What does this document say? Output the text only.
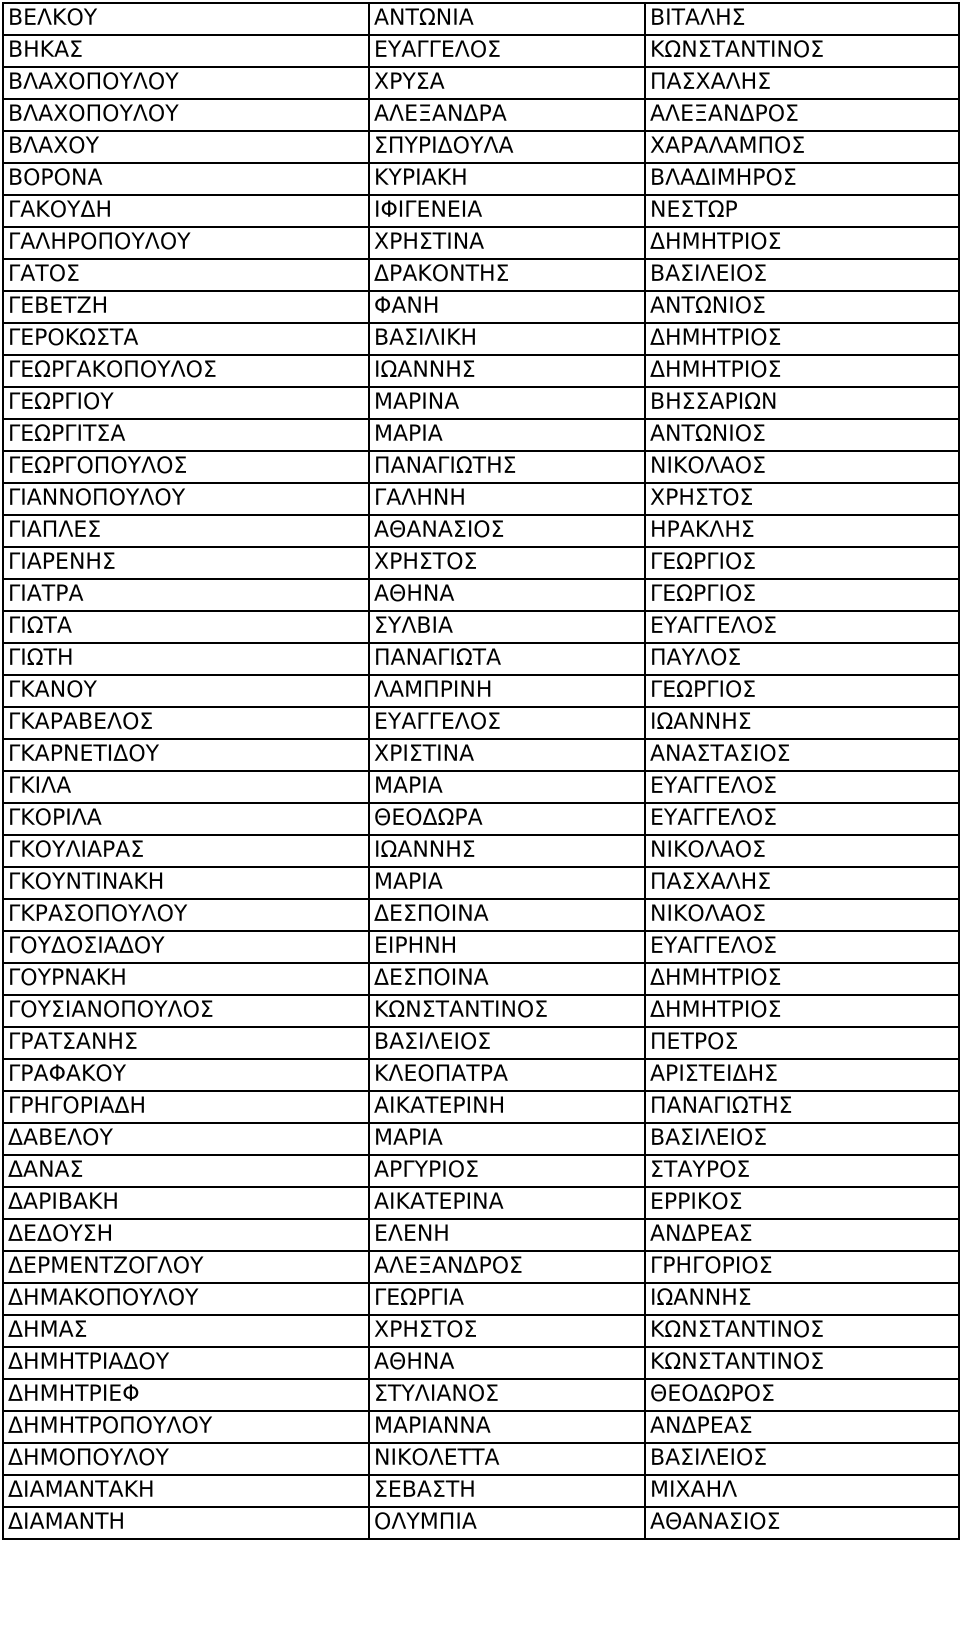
ΒΕΛΚΟΥ	ΑΝΤΩΝΙΑ	ΒΙΤΑΛΗΣ
ΒΗΚΑΣ	ΕΥΑΓΓΕΛΟΣ	ΚΩΝΣΤΑΝΤΙΝΟΣ
ΒΛΑΧΟΠΟΥΛΟΥ	ΧΡΥΣΑ	ΠΑΣΧΑΛΗΣ
ΒΛΑΧΟΠΟΥΛΟΥ	ΑΛΕΞΑΝΔΡΑ	ΑΛΕΞΑΝΔΡΟΣ
ΒΛΑΧΟΥ	ΣΠΥΡΙΔΟΥΛΑ	ΧΑΡΑΛΑΜΠΟΣ
ΒΟΡΟΝΑ	ΚΥΡΙΑΚΗ	ΒΛΑΔΙΜΗΡΟΣ
ΓΑΚΟΥΔΗ	ΙΦΙΓΕΝΕΙΑ	ΝΕΣΤΩΡ
ΓΑΛΗΡΟΠΟΥΛΟΥ	ΧΡΗΣΤΙΝΑ	ΔΗΜΗΤΡΙΟΣ
ΓΑΤΟΣ	ΔΡΑΚΟΝΤΗΣ	ΒΑΣΙΛΕΙΟΣ
ΓΕΒΕΤΖΗ	ΦΑΝΗ	ΑΝΤΩΝΙΟΣ
ΓΕΡΟΚΩΣΤΑ	ΒΑΣΙΛΙΚΗ	ΔΗΜΗΤΡΙΟΣ
ΓΕΩΡΓΑΚΟΠΟΥΛΟΣ	ΙΩΑΝΝΗΣ	ΔΗΜΗΤΡΙΟΣ
ΓΕΩΡΓΙΟΥ	ΜΑΡΙΝΑ	ΒΗΣΣΑΡΙΩΝ
ΓΕΩΡΓΙΤΣΑ	ΜΑΡΙΑ	ΑΝΤΩΝΙΟΣ
ΓΕΩΡΓΟΠΟΥΛΟΣ	ΠΑΝΑΓΙΩΤΗΣ	ΝΙΚΟΛΑΟΣ
ΓΙΑΝΝΟΠΟΥΛΟΥ	ΓΑΛΗΝΗ	ΧΡΗΣΤΟΣ
ΓΙΑΠΛΕΣ	ΑΘΑΝΑΣΙΟΣ	ΗΡΑΚΛΗΣ
ΓΙΑΡΕΝΗΣ	ΧΡΗΣΤΟΣ	ΓΕΩΡΓΙΟΣ
ΓΙΑΤΡΑ	ΑΘΗΝΑ	ΓΕΩΡΓΙΟΣ
ΓΙΩΤΑ	ΣΥΛΒΙΑ	ΕΥΑΓΓΕΛΟΣ
ΓΙΩΤΗ	ΠΑΝΑΓΙΩΤΑ	ΠΑΥΛΟΣ
ΓΚΑΝΟΥ	ΛΑΜΠΡΙΝΗ	ΓΕΩΡΓΙΟΣ
ΓΚΑΡΑΒΕΛΟΣ	ΕΥΑΓΓΕΛΟΣ	ΙΩΑΝΝΗΣ
ΓΚΑΡΝΕΤΙΔΟΥ	ΧΡΙΣΤΙΝΑ	ΑΝΑΣΤΑΣΙΟΣ
ΓΚΙΛΑ	ΜΑΡΙΑ	ΕΥΑΓΓΕΛΟΣ
ΓΚΟΡΙΛΑ	ΘΕΟΔΩΡΑ	ΕΥΑΓΓΕΛΟΣ
ΓΚΟΥΛΙΑΡΑΣ	ΙΩΑΝΝΗΣ	ΝΙΚΟΛΑΟΣ
ΓΚΟΥΝΤΙΝΑΚΗ	ΜΑΡΙΑ	ΠΑΣΧΑΛΗΣ
ΓΚΡΑΣΟΠΟΥΛΟΥ	ΔΕΣΠΟΙΝΑ	ΝΙΚΟΛΑΟΣ
ΓΟΥΔΟΣΙΑΔΟΥ	ΕΙΡΗΝΗ	ΕΥΑΓΓΕΛΟΣ
ΓΟΥΡΝΑΚΗ	ΔΕΣΠΟΙΝΑ	ΔΗΜΗΤΡΙΟΣ
ΓΟΥΣΙΑΝΟΠΟΥΛΟΣ	ΚΩΝΣΤΑΝΤΙΝΟΣ	ΔΗΜΗΤΡΙΟΣ
ΓΡΑΤΣΑΝΗΣ	ΒΑΣΙΛΕΙΟΣ	ΠΕΤΡΟΣ
ΓΡΑΦΑΚΟΥ	ΚΛΕΟΠΑΤΡΑ	ΑΡΙΣΤΕΙΔΗΣ
ΓΡΗΓΟΡΙΑΔΗ	ΑΙΚΑΤΕΡΙΝΗ	ΠΑΝΑΓΙΩΤΗΣ
ΔΑΒΕΛΟΥ	ΜΑΡΙΑ	ΒΑΣΙΛΕΙΟΣ
ΔΑΝΑΣ	ΑΡΓΥΡΙΟΣ	ΣΤΑΥΡΟΣ
ΔΑΡΙΒΑΚΗ	ΑΙΚΑΤΕΡΙΝΑ	ΕΡΡΙΚΟΣ
ΔΕΔΟΥΣΗ	ΕΛΕΝΗ	ΑΝΔΡΕΑΣ
ΔΕΡΜΕΝΤΖΟΓΛΟΥ	ΑΛΕΞΑΝΔΡΟΣ	ΓΡΗΓΟΡΙΟΣ
ΔΗΜΑΚΟΠΟΥΛΟΥ	ΓΕΩΡΓΙΑ	ΙΩΑΝΝΗΣ
ΔΗΜΑΣ	ΧΡΗΣΤΟΣ	ΚΩΝΣΤΑΝΤΙΝΟΣ
ΔΗΜΗΤΡΙΑΔΟΥ	ΑΘΗΝΑ	ΚΩΝΣΤΑΝΤΙΝΟΣ
ΔΗΜΗΤΡΙΕΦ	ΣΤΥΛΙΑΝΟΣ	ΘΕΟΔΩΡΟΣ
ΔΗΜΗΤΡΟΠΟΥΛΟΥ	ΜΑΡΙΑΝΝΑ	ΑΝΔΡΕΑΣ
ΔΗΜΟΠΟΥΛΟΥ	ΝΙΚΟΛΕΤΤΑ	ΒΑΣΙΛΕΙΟΣ
ΔΙΑΜΑΝΤΑΚΗ	ΣΕΒΑΣΤΗ	ΜΙΧΑΗΛ
ΔΙΑΜΑΝΤΗ	ΟΛΥΜΠΙΑ	ΑΘΑΝΑΣΙΟΣ
